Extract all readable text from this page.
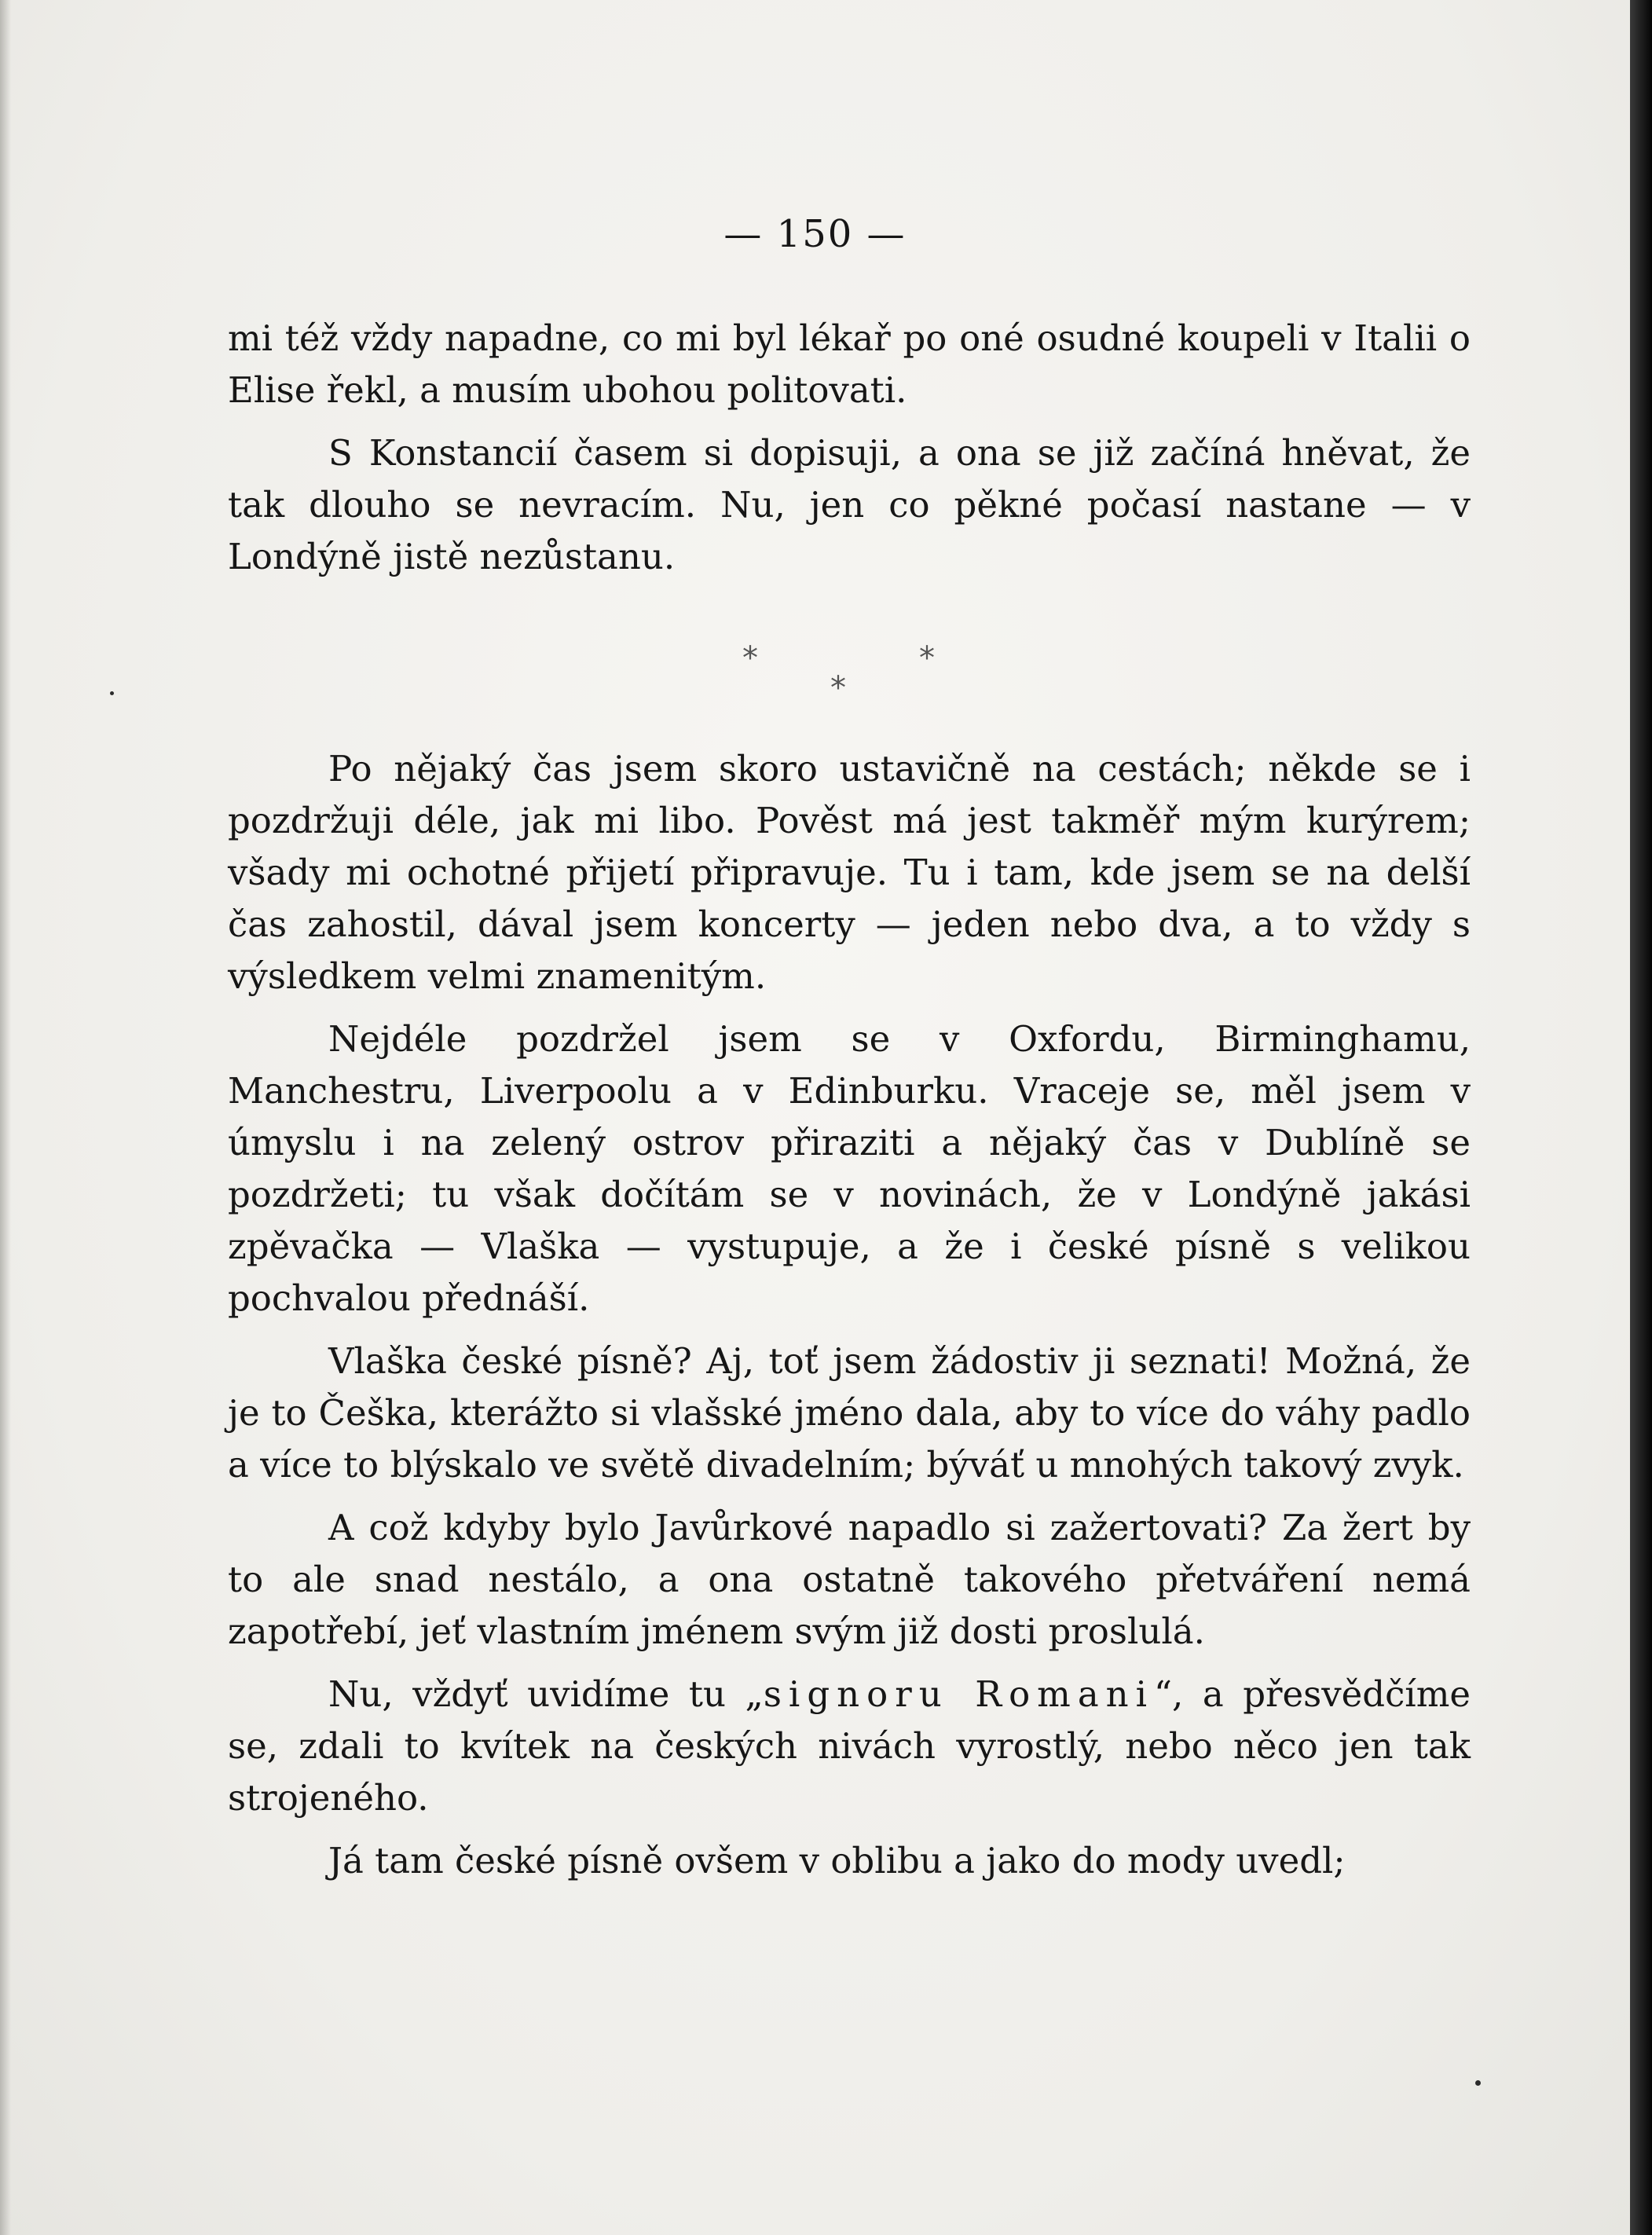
— 150 —

mi též vždy napadne, co mi byl lékař po oné osudné koupeli v Italii o Elise řekl, a musím ubohou politovati.

S Konstancií časem si dopisuji, a ona se již začíná hněvat, že tak dlouho se nevracím. Nu, jen co pěkné počasí nastane — v Londýně jistě nezůstanu.

*	*
*

Po nějaký čas jsem skoro ustavičně na cestách; někde se i pozdržuji déle, jak mi libo. Pověst má jest takměř mým kurýrem; všady mi ochotné přijetí připravuje. Tu i tam, kde jsem se na delší čas zahostil, dával jsem koncerty — jeden nebo dva, a to vždy s výsledkem velmi znamenitým.

Nejdéle pozdržel jsem se v Oxfordu, Birminghamu, Manchestru, Liverpoolu a v Edinburku. Vraceje se, měl jsem v úmyslu i na zelený ostrov přiraziti a nějaký čas v Dublíně se pozdržeti; tu však dočítám se v novinách, že v Londýně jakási zpěvačka — Vlaška — vystupuje, a že i české písně s velikou pochvalou přednáší.

Vlaška české písně? Aj, toť jsem žádostiv ji seznati! Možná, že je to Češka, kterážto si vlašské jméno dala, aby to více do váhy padlo a více to blýskalo ve světě divadelním; býváť u mnohých takový zvyk.

A což kdyby bylo Javůrkové napadlo si zažertovati? Za žert by to ale snad nestálo, a ona ostatně takového přetváření nemá zapotřebí, jeť vlastním jménem svým již dosti proslulá.

Nu, vždyť uvidíme tu „signoru Romani“, a přesvědčíme se, zdali to kvítek na českých nivách vyrostlý, nebo něco jen tak strojeného.

Já tam české písně ovšem v oblibu a jako do mody uvedl;
